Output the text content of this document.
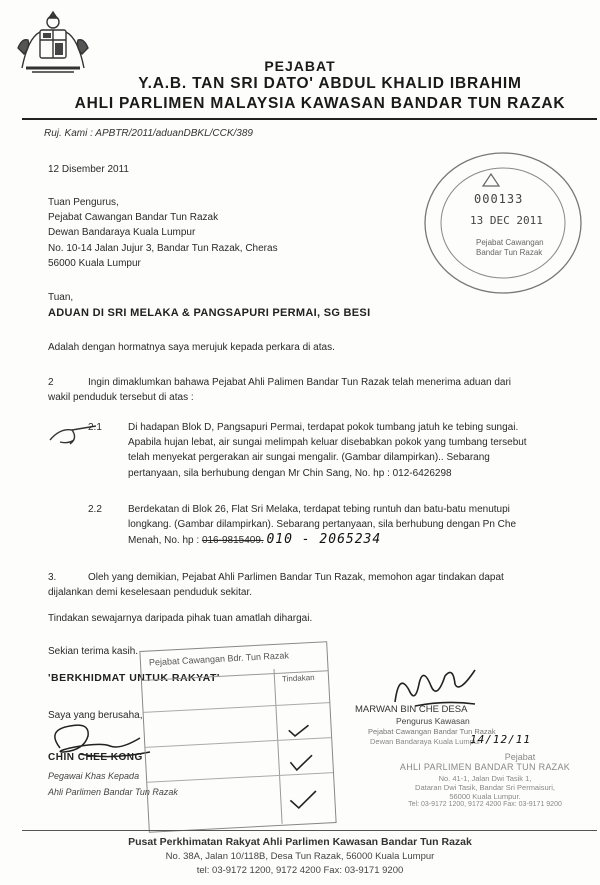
PEJABAT
Y.A.B. TAN SRI DATO' ABDUL KHALID IBRAHIM
AHLI PARLIMEN MALAYSIA KAWASAN BANDAR TUN RAZAK
Ruj. Kami : APBTR/2011/aduanDBKL/CCK/389
12 Disember 2011
Tuan Pengurus,
Pejabat Cawangan Bandar Tun Razak
Dewan Bandaraya Kuala Lumpur
No. 10-14 Jalan Jujur 3, Bandar Tun Razak, Cheras
56000 Kuala Lumpur
000133
13 DEC 2011
Pejabat Cawangan
Bandar Tun Razak
Tuan,
ADUAN DI SRI MELAKA & PANGSAPURI PERMAI, SG BESI
Adalah dengan hormatnya saya merujuk kepada perkara di atas.
2	Ingin dimaklumkan bahawa Pejabat Ahli Palimen Bandar Tun Razak telah menerima aduan dari
wakil penduduk tersebut di atas :
2.1	Di hadapan Blok D, Pangsapuri Permai, terdapat pokok tumbang jatuh ke tebing sungai.
Apabila hujan lebat, air sungai melimpah keluar disebabkan pokok yang tumbang tersebut
telah menyekat pergerakan air sungai mengalir. (Gambar dilampirkan).. Sebarang
pertanyaan, sila berhubung dengan Mr Chin Sang, No. hp : 012-6426298
2.2	Berdekatan di Blok 26, Flat Sri Melaka, terdapat tebing runtuh dan batu-batu menutupi
longkang. (Gambar dilampirkan). Sebarang pertanyaan, sila berhubung dengan Pn Che
Menah, No. hp : 016-9815409. 010 - 2065234
3.	Oleh yang demikian, Pejabat Ahli Parlimen Bandar Tun Razak, memohon agar tindakan dapat
dijalankan demi keselesaan penduduk sekitar.
Tindakan sewajarnya daripada pihak tuan amatlah dihargai.
Sekian terima kasih.
'BERKHIDMAT UNTUK RAKYAT'
Saya yang berusaha,
CHIN CHEE KONG
Pegawai Khas Kepada
Ahli Parlimen Bandar Tun Razak
Pejabat Cawangan Bdr. Tun Razak
Tindakan
MARWAN BIN CHE DESA
Pengurus Kawasan
Pejabat Cawangan Bandar Tun Razak
Dewan Bandaraya Kuala Lumpur
14/12/11
Pejabat
AHLI PARLIMEN BANDAR TUN RAZAK
No. 41-1, Jalan Dwi Tasik 1,
Dataran Dwi Tasik, Bandar Sri Permaisuri,
56000 Kuala Lumpur.
Tel: 03-9172 1200, 9172 4200 Fax: 03-9171 9200
Pusat Perkhimatan Rakyat Ahli Parlimen Kawasan Bandar Tun Razak
No. 38A, Jalan 10/118B, Desa Tun Razak, 56000 Kuala Lumpur
tel: 03-9172 1200, 9172 4200 Fax: 03-9171 9200
